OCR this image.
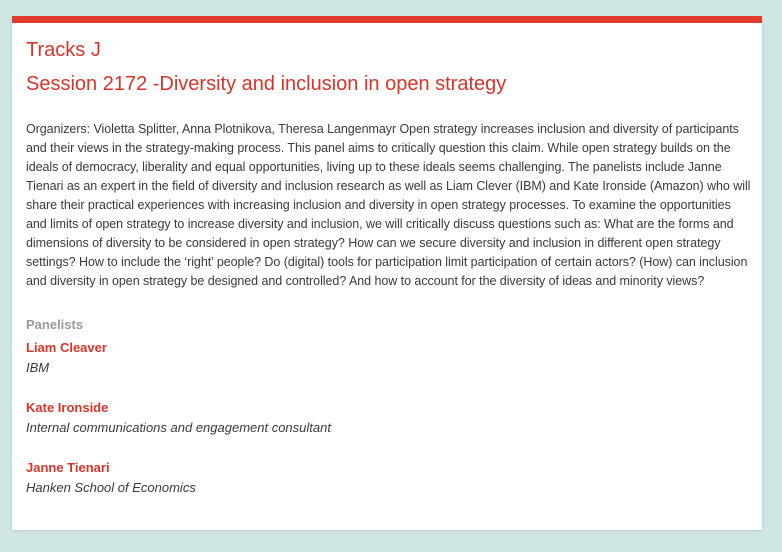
Tracks J
Session 2172 -Diversity and inclusion in open strategy

Organizers: Violetta Splitter, Anna Plotnikova, Theresa Langenmayr Open strategy increases inclusion and diversity of participants and their views in the strategy-making process. This panel aims to critically question this claim. While open strategy builds on the ideals of democracy, liberality and equal opportunities, living up to these ideals seems challenging. The panelists include Janne Tienari as an expert in the field of diversity and inclusion research as well as Liam Clever (IBM) and Kate Ironside (Amazon) who will share their practical experiences with increasing inclusion and diversity in open strategy processes. To examine the opportunities and limits of open strategy to increase diversity and inclusion, we will critically discuss questions such as: What are the forms and dimensions of diversity to be considered in open strategy? How can we secure diversity and inclusion in different open strategy settings? How to include the ‘right’ people? Do (digital) tools for participation limit participation of certain actors? (How) can inclusion and diversity in open strategy be designed and controlled? And how to account for the diversity of ideas and minority views?

Panelists
Liam Cleaver
IBM
Kate Ironside
Internal communications and engagement consultant
Janne Tienari
Hanken School of Economics
